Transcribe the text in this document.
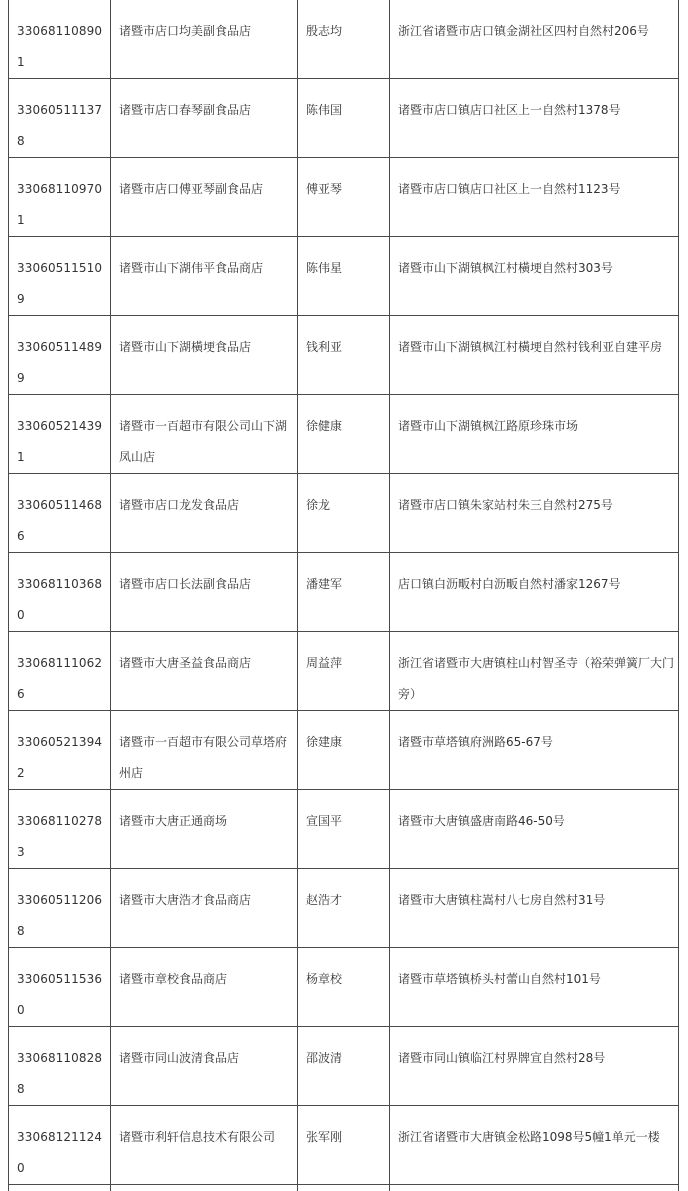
330681108901	诸暨市店口均美副食品店	殷志均	浙江省诸暨市店口镇金湖社区四村自然村206号
330605111378	诸暨市店口春琴副食品店	陈伟国	诸暨市店口镇店口社区上一自然村1378号
330681109701	诸暨市店口傅亚琴副食品店	傅亚琴	诸暨市店口镇店口社区上一自然村1123号
330605115109	诸暨市山下湖伟平食品商店	陈伟星	诸暨市山下湖镇枫江村橫埂自然村303号
330605114899	诸暨市山下湖橫埂食品店	钱利亚	诸暨市山下湖镇枫江村橫埂自然村钱利亚自建平房
330605214391	诸暨市一百超市有限公司山下湖凤山店	徐健康	诸暨市山下湖镇枫江路原珍珠市场
330605114686	诸暨市店口龙发食品店	徐龙	诸暨市店口镇朱家站村朱三自然村275号
330681103680	诸暨市店口长法副食品店	潘建军	店口镇白沥畈村白沥畈自然村潘家1267号
330681110626	诸暨市大唐圣益食品商店	周益萍	浙江省诸暨市大唐镇柱山村智圣寺（裕荣弹簧厂大门旁）
330605213942	诸暨市一百超市有限公司草塔府州店	徐建康	诸暨市草塔镇府洲路65-67号
330681102783	诸暨市大唐正通商场	宣国平	诸暨市大唐镇盛唐南路46-50号
330605112068	诸暨市大唐浩才食品商店	赵浩才	诸暨市大唐镇柱嵩村八七房自然村31号
330605115360	诸暨市章校食品商店	杨章校	诸暨市草塔镇桥头村蕾山自然村101号
330681108288	诸暨市同山波清食品店	邵波清	诸暨市同山镇临江村界牌宣自然村28号
330681211240	诸暨市利轩信息技术有限公司	张军刚	浙江省诸暨市大唐镇金松路1098号5幢1单元一楼
